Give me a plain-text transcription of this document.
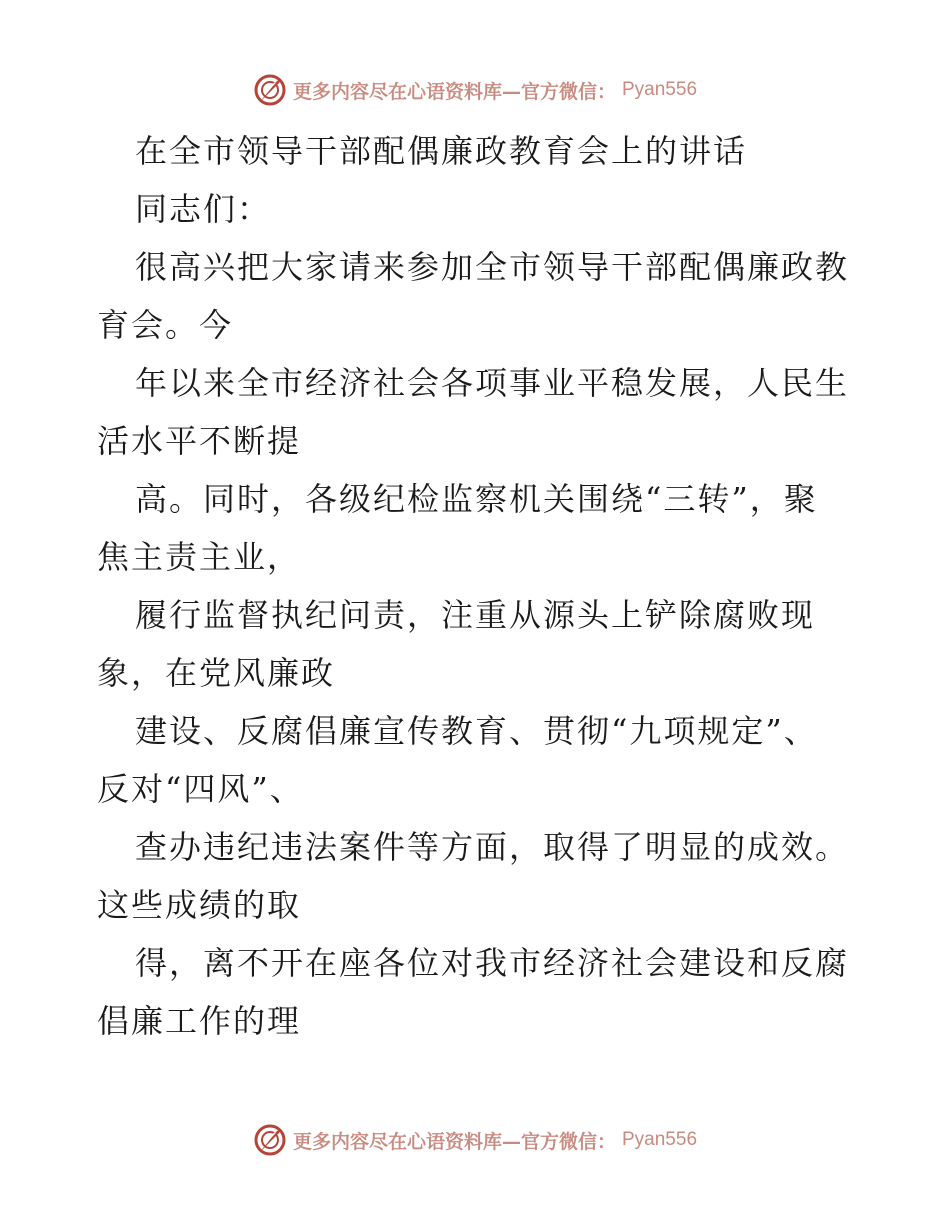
更多内容尽在心语资料库—官方微信： Pyan556
在全市领导干部配偶廉政教育会上的讲话
同志们：
很高兴把大家请来参加全市领导干部配偶廉政教
育会。今
年以来全市经济社会各项事业平稳发展，人民生
活水平不断提
高。同时，各级纪检监察机关围绕“三转”，聚
焦主责主业，
履行监督执纪问责，注重从源头上铲除腐败现
象，在党风廉政
建设、反腐倡廉宣传教育、贯彻“九项规定”、
反对“四风”、
查办违纪违法案件等方面，取得了明显的成效。
这些成绩的取
得，离不开在座各位对我市经济社会建设和反腐
倡廉工作的理
更多内容尽在心语资料库—官方微信： Pyan556
